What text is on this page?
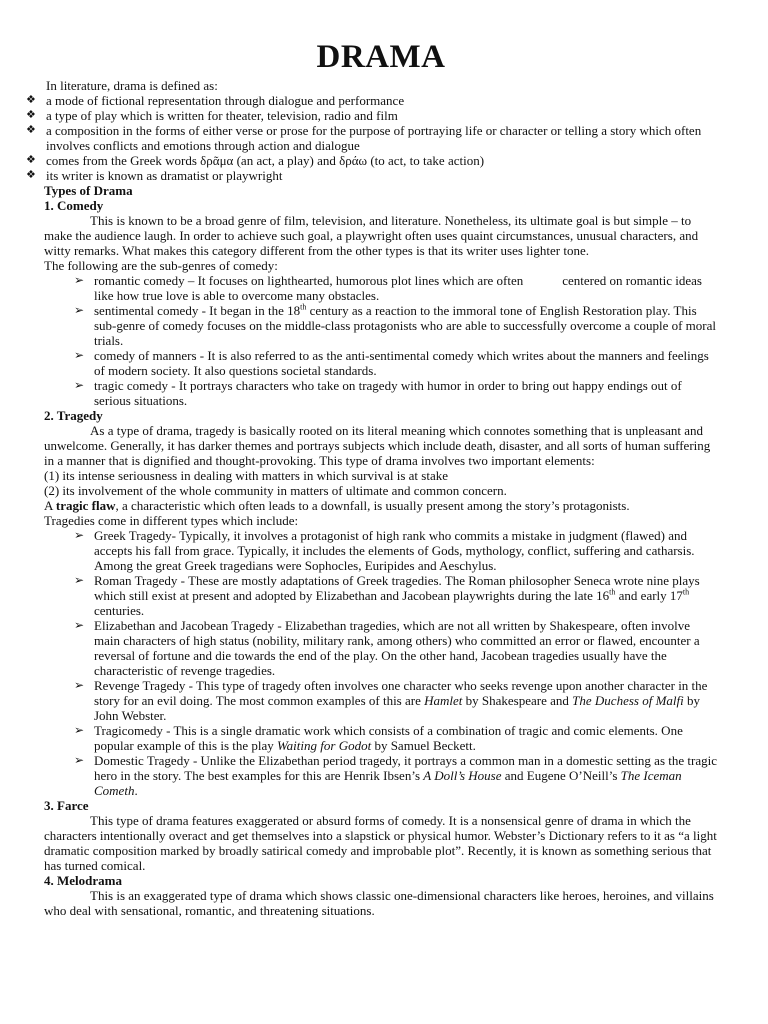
DRAMA

In literature, drama is defined as:

❖ a mode of fictional representation through dialogue and performance
❖ a type of play which is written for theater, television, radio and film
❖ a composition in the forms of either verse or prose for the purpose of portraying life or character or telling a story which often involves conflicts and emotions through action and dialogue
❖ comes from the Greek words δρᾶμα (an act, a play) and δράω (to act, to take action)
❖ its writer is known as dramatist or playwright

Types of Drama

1. Comedy

This is known to be a broad genre of film, television, and literature. Nonetheless, its ultimate goal is but simple – to make the audience laugh. In order to achieve such goal, a playwright often uses quaint circumstances, unusual characters, and witty remarks. What makes this category different from the other types is that its writer uses lighter tone.

The following are the sub-genres of comedy:

➢ romantic comedy – It focuses on lighthearted, humorous plot lines which are often	centered on romantic ideas like how true love is able to overcome many obstacles.
➢ sentimental comedy - It began in the 18th century as a reaction to the immoral tone of English Restoration play. This sub-genre of comedy focuses on the middle-class protagonists who are able to successfully overcome a couple of moral trials.
➢ comedy of manners - It is also referred to as the anti-sentimental comedy which writes about the manners and feelings of modern society. It also questions societal standards.
➢ tragic comedy - It portrays characters who take on tragedy with humor in order to bring out happy endings out of serious situations.

2. Tragedy

As a type of drama, tragedy is basically rooted on its literal meaning which connotes something that is unpleasant and unwelcome. Generally, it has darker themes and portrays subjects which include death, disaster, and all sorts of human suffering in a manner that is dignified and thought-provoking. This type of drama involves two important elements:

(1) its intense seriousness in dealing with matters in which survival is at stake

(2) its involvement of the whole community in matters of ultimate and common concern.

A tragic flaw, a characteristic which often leads to a downfall, is usually present among the story’s protagonists.

Tragedies come in different types which include:

➢ Greek Tragedy- Typically, it involves a protagonist of high rank who commits a mistake in judgment (flawed) and accepts his fall from grace. Typically, it includes the elements of Gods, mythology, conflict, suffering and catharsis. Among the great Greek tragedians were Sophocles, Euripides and Aeschylus.
➢ Roman Tragedy - These are mostly adaptations of Greek tragedies. The Roman philosopher Seneca wrote nine plays which still exist at present and adopted by Elizabethan and Jacobean playwrights during the late 16th and early 17th centuries.
➢ Elizabethan and Jacobean Tragedy - Elizabethan tragedies, which are not all written by Shakespeare, often involve main characters of high status (nobility, military rank, among others) who committed an error or flawed, encounter a reversal of fortune and die towards the end of the play. On the other hand, Jacobean tragedies usually have the characteristic of revenge tragedies.
➢ Revenge Tragedy - This type of tragedy often involves one character who seeks revenge upon another character in the story for an evil doing. The most common examples of this are Hamlet by Shakespeare and The Duchess of Malfi by John Webster.
➢ Tragicomedy - This is a single dramatic work which consists of a combination of tragic and comic elements. One popular example of this is the play Waiting for Godot by Samuel Beckett.
➢ Domestic Tragedy - Unlike the Elizabethan period tragedy, it portrays a common man in a domestic setting as the tragic hero in the story. The best examples for this are Henrik Ibsen’s A Doll’s House and Eugene O’Neill’s The Iceman Cometh.

3. Farce

This type of drama features exaggerated or absurd forms of comedy. It is a nonsensical genre of drama in which the characters intentionally overact and get themselves into a slapstick or physical humor. Webster’s Dictionary refers to it as “a light dramatic composition marked by broadly satirical comedy and improbable plot”. Recently, it is known as something serious that has turned comical.

4. Melodrama

This is an exaggerated type of drama which shows classic one-dimensional characters like heroes, heroines, and villains who deal with sensational, romantic, and threatening situations.
